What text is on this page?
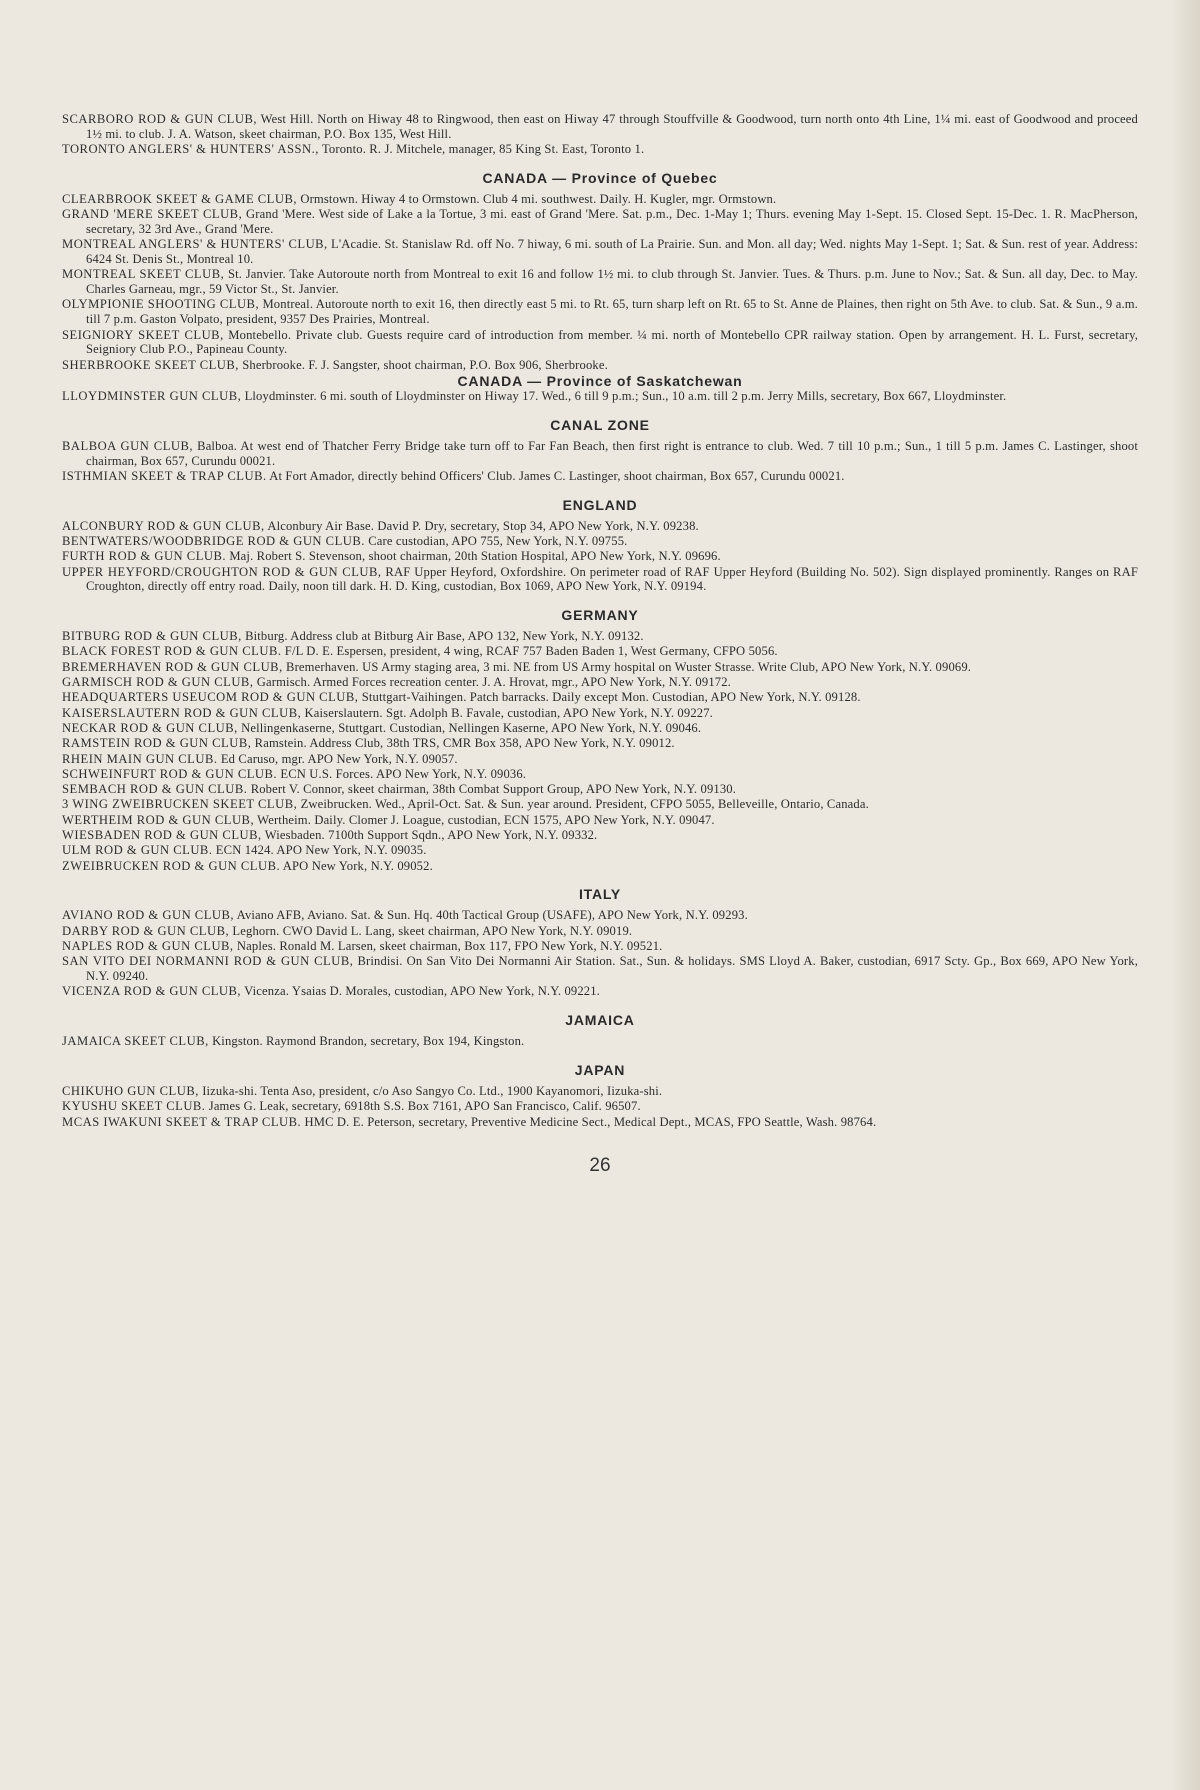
SCARBORO ROD & GUN CLUB, West Hill. North on Hiway 48 to Ringwood, then east on Hiway 47 through Stouffville & Goodwood, turn north onto 4th Line, 1¼ mi. east of Goodwood and proceed 1½ mi. to club. J. A. Watson, skeet chairman, P.O. Box 135, West Hill.
TORONTO ANGLERS' & HUNTERS' ASSN., Toronto. R. J. Mitchele, manager, 85 King St. East, Toronto 1.
CANADA — Province of Quebec
CLEARBROOK SKEET & GAME CLUB, Ormstown. Hiway 4 to Ormstown. Club 4 mi. southwest. Daily. H. Kugler, mgr. Ormstown.
GRAND 'MERE SKEET CLUB, Grand 'Mere. West side of Lake a la Tortue, 3 mi. east of Grand 'Mere. Sat. p.m., Dec. 1-May 1; Thurs. evening May 1-Sept. 15. Closed Sept. 15-Dec. 1. R. MacPherson, secretary, 32 3rd Ave., Grand 'Mere.
MONTREAL ANGLERS' & HUNTERS' CLUB, L'Acadie. St. Stanislaw Rd. off No. 7 hiway, 6 mi. south of La Prairie. Sun. and Mon. all day; Wed. nights May 1-Sept. 1; Sat. & Sun. rest of year. Address: 6424 St. Denis St., Montreal 10.
MONTREAL SKEET CLUB, St. Janvier. Take Autoroute north from Montreal to exit 16 and follow 1½ mi. to club through St. Janvier. Tues. & Thurs. p.m. June to Nov.; Sat. & Sun. all day, Dec. to May. Charles Garneau, mgr., 59 Victor St., St. Janvier.
OLYMPIONIE SHOOTING CLUB, Montreal. Autoroute north to exit 16, then directly east 5 mi. to Rt. 65, turn sharp left on Rt. 65 to St. Anne de Plaines, then right on 5th Ave. to club. Sat. & Sun., 9 a.m. till 7 p.m. Gaston Volpato, president, 9357 Des Prairies, Montreal.
SEIGNIORY SKEET CLUB, Montebello. Private club. Guests require card of introduction from member. ¼ mi. north of Montebello CPR railway station. Open by arrangement. H. L. Furst, secretary, Seigniory Club P.O., Papineau County.
SHERBROOKE SKEET CLUB, Sherbrooke. F. J. Sangster, shoot chairman, P.O. Box 906, Sherbrooke.
CANADA — Province of Saskatchewan
LLOYDMINSTER GUN CLUB, Lloydminster. 6 mi. south of Lloydminster on Hiway 17. Wed., 6 till 9 p.m.; Sun., 10 a.m. till 2 p.m. Jerry Mills, secretary, Box 667, Lloydminster.
CANAL ZONE
BALBOA GUN CLUB, Balboa. At west end of Thatcher Ferry Bridge take turn off to Far Fan Beach, then first right is entrance to club. Wed. 7 till 10 p.m.; Sun., 1 till 5 p.m. James C. Lastinger, shoot chairman, Box 657, Curundu 00021.
ISTHMIAN SKEET & TRAP CLUB. At Fort Amador, directly behind Officers' Club. James C. Lastinger, shoot chairman, Box 657, Curundu 00021.
ENGLAND
ALCONBURY ROD & GUN CLUB, Alconbury Air Base. David P. Dry, secretary, Stop 34, APO New York, N.Y. 09238.
BENTWATERS/WOODBRIDGE ROD & GUN CLUB. Care custodian, APO 755, New York, N.Y. 09755.
FURTH ROD & GUN CLUB. Maj. Robert S. Stevenson, shoot chairman, 20th Station Hospital, APO New York, N.Y. 09696.
UPPER HEYFORD/CROUGHTON ROD & GUN CLUB, RAF Upper Heyford, Oxfordshire. On perimeter road of RAF Upper Heyford (Building No. 502). Sign displayed prominently. Ranges on RAF Croughton, directly off entry road. Daily, noon till dark. H. D. King, custodian, Box 1069, APO New York, N.Y. 09194.
GERMANY
BITBURG ROD & GUN CLUB, Bitburg. Address club at Bitburg Air Base, APO 132, New York, N.Y. 09132.
BLACK FOREST ROD & GUN CLUB. F/L D. E. Espersen, president, 4 wing, RCAF 757 Baden Baden 1, West Germany, CFPO 5056.
BREMERHAVEN ROD & GUN CLUB, Bremerhaven. US Army staging area, 3 mi. NE from US Army hospital on Wuster Strasse. Write Club, APO New York, N.Y. 09069.
GARMISCH ROD & GUN CLUB, Garmisch. Armed Forces recreation center. J. A. Hrovat, mgr., APO New York, N.Y. 09172.
HEADQUARTERS USEUCOM ROD & GUN CLUB, Stuttgart-Vaihingen. Patch barracks. Daily except Mon. Custodian, APO New York, N.Y. 09128.
KAISERSLAUTERN ROD & GUN CLUB, Kaiserslautern. Sgt. Adolph B. Favale, custodian, APO New York, N.Y. 09227.
NECKAR ROD & GUN CLUB, Nellingenkaserne, Stuttgart. Custodian, Nellingen Kaserne, APO New York, N.Y. 09046.
RAMSTEIN ROD & GUN CLUB, Ramstein. Address Club, 38th TRS, CMR Box 358, APO New York, N.Y. 09012.
RHEIN MAIN GUN CLUB. Ed Caruso, mgr. APO New York, N.Y. 09057.
SCHWEINFURT ROD & GUN CLUB. ECN U.S. Forces. APO New York, N.Y. 09036.
SEMBACH ROD & GUN CLUB. Robert V. Connor, skeet chairman, 38th Combat Support Group, APO New York, N.Y. 09130.
3 WING ZWEIBRUCKEN SKEET CLUB, Zweibrucken. Wed., April-Oct. Sat. & Sun. year around. President, CFPO 5055, Belleveille, Ontario, Canada.
WERTHEIM ROD & GUN CLUB, Wertheim. Daily. Clomer J. Loague, custodian, ECN 1575, APO New York, N.Y. 09047.
WIESBADEN ROD & GUN CLUB, Wiesbaden. 7100th Support Sqdn., APO New York, N.Y. 09332.
ULM ROD & GUN CLUB. ECN 1424. APO New York, N.Y. 09035.
ZWEIBRUCKEN ROD & GUN CLUB. APO New York, N.Y. 09052.
ITALY
AVIANO ROD & GUN CLUB, Aviano AFB, Aviano. Sat. & Sun. Hq. 40th Tactical Group (USAFE), APO New York, N.Y. 09293.
DARBY ROD & GUN CLUB, Leghorn. CWO David L. Lang, skeet chairman, APO New York, N.Y. 09019.
NAPLES ROD & GUN CLUB, Naples. Ronald M. Larsen, skeet chairman, Box 117, FPO New York, N.Y. 09521.
SAN VITO DEI NORMANNI ROD & GUN CLUB, Brindisi. On San Vito Dei Normanni Air Station. Sat., Sun. & holidays. SMS Lloyd A. Baker, custodian, 6917 Scty. Gp., Box 669, APO New York, N.Y. 09240.
VICENZA ROD & GUN CLUB, Vicenza. Ysaias D. Morales, custodian, APO New York, N.Y. 09221.
JAMAICA
JAMAICA SKEET CLUB, Kingston. Raymond Brandon, secretary, Box 194, Kingston.
JAPAN
CHIKUHO GUN CLUB, Iizuka-shi. Tenta Aso, president, c/o Aso Sangyo Co. Ltd., 1900 Kayanomori, Iizuka-shi.
KYUSHU SKEET CLUB. James G. Leak, secretary, 6918th S.S. Box 7161, APO San Francisco, Calif. 96507.
MCAS IWAKUNI SKEET & TRAP CLUB. HMC D. E. Peterson, secretary, Preventive Medicine Sect., Medical Dept., MCAS, FPO Seattle, Wash. 98764.
26
